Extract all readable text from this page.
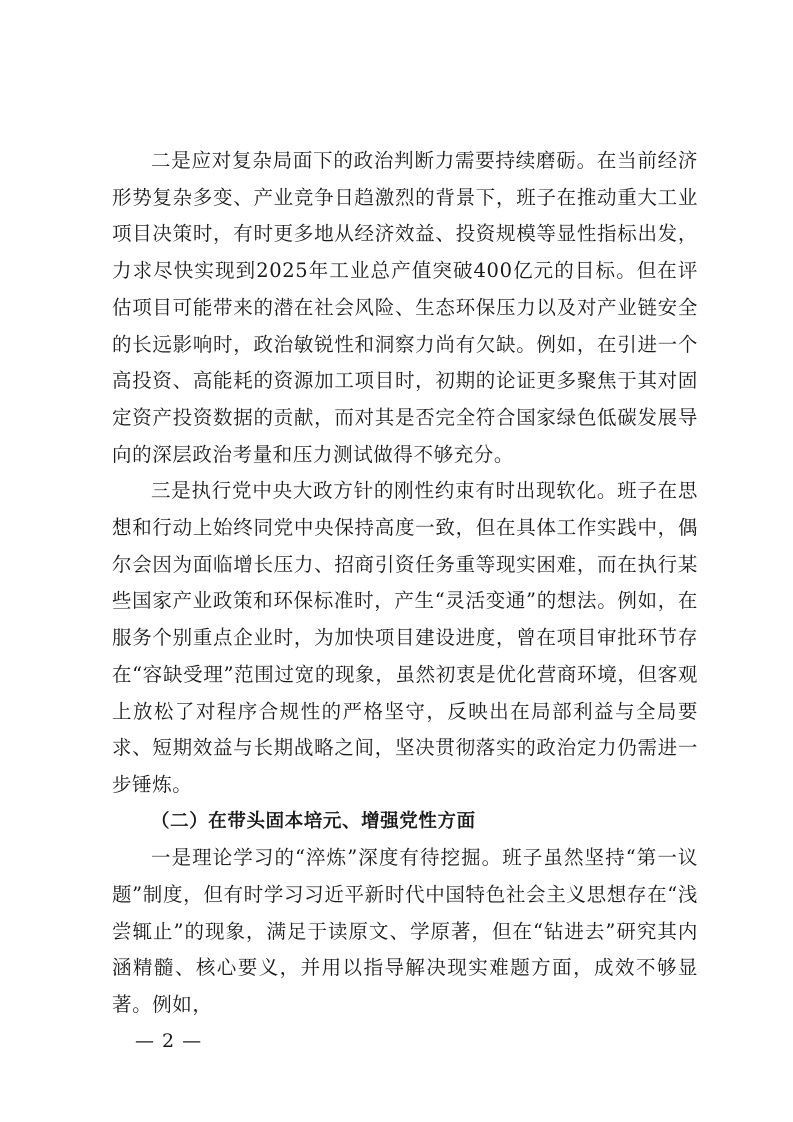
二是应对复杂局面下的政治判断力需要持续磨砺。在当前经济形势复杂多变、产业竞争日趋激烈的背景下，班子在推动重大工业项目决策时，有时更多地从经济效益、投资规模等显性指标出发，力求尽快实现到2025年工业总产值突破400亿元的目标。但在评估项目可能带来的潜在社会风险、生态环保压力以及对产业链安全的长远影响时，政治敏锐性和洞察力尚有欠缺。例如，在引进一个高投资、高能耗的资源加工项目时，初期的论证更多聚焦于其对固定资产投资数据的贡献，而对其是否完全符合国家绿色低碳发展导向的深层政治考量和压力测试做得不够充分。

三是执行党中央大政方针的刚性约束有时出现软化。班子在思想和行动上始终同党中央保持高度一致，但在具体工作实践中，偶尔会因为面临增长压力、招商引资任务重等现实困难，而在执行某些国家产业政策和环保标准时，产生“灵活变通”的想法。例如，在服务个别重点企业时，为加快项目建设进度，曾在项目审批环节存在“容缺受理”范围过宽的现象，虽然初衷是优化营商环境，但客观上放松了对程序合规性的严格坚守，反映出在局部利益与全局要求、短期效益与长期战略之间，坚决贯彻落实的政治定力仍需进一步锤炼。

（二）在带头固本培元、增强党性方面

一是理论学习的“淬炼”深度有待挖掘。班子虽然坚持“第一议题”制度，但有时学习习近平新时代中国特色社会主义思想存在“浅尝辄止”的现象，满足于读原文、学原著，但在“钻进去”研究其内涵精髓、核心要义，并用以指导解决现实难题方面，成效不够显著。例如，

— 2 —
